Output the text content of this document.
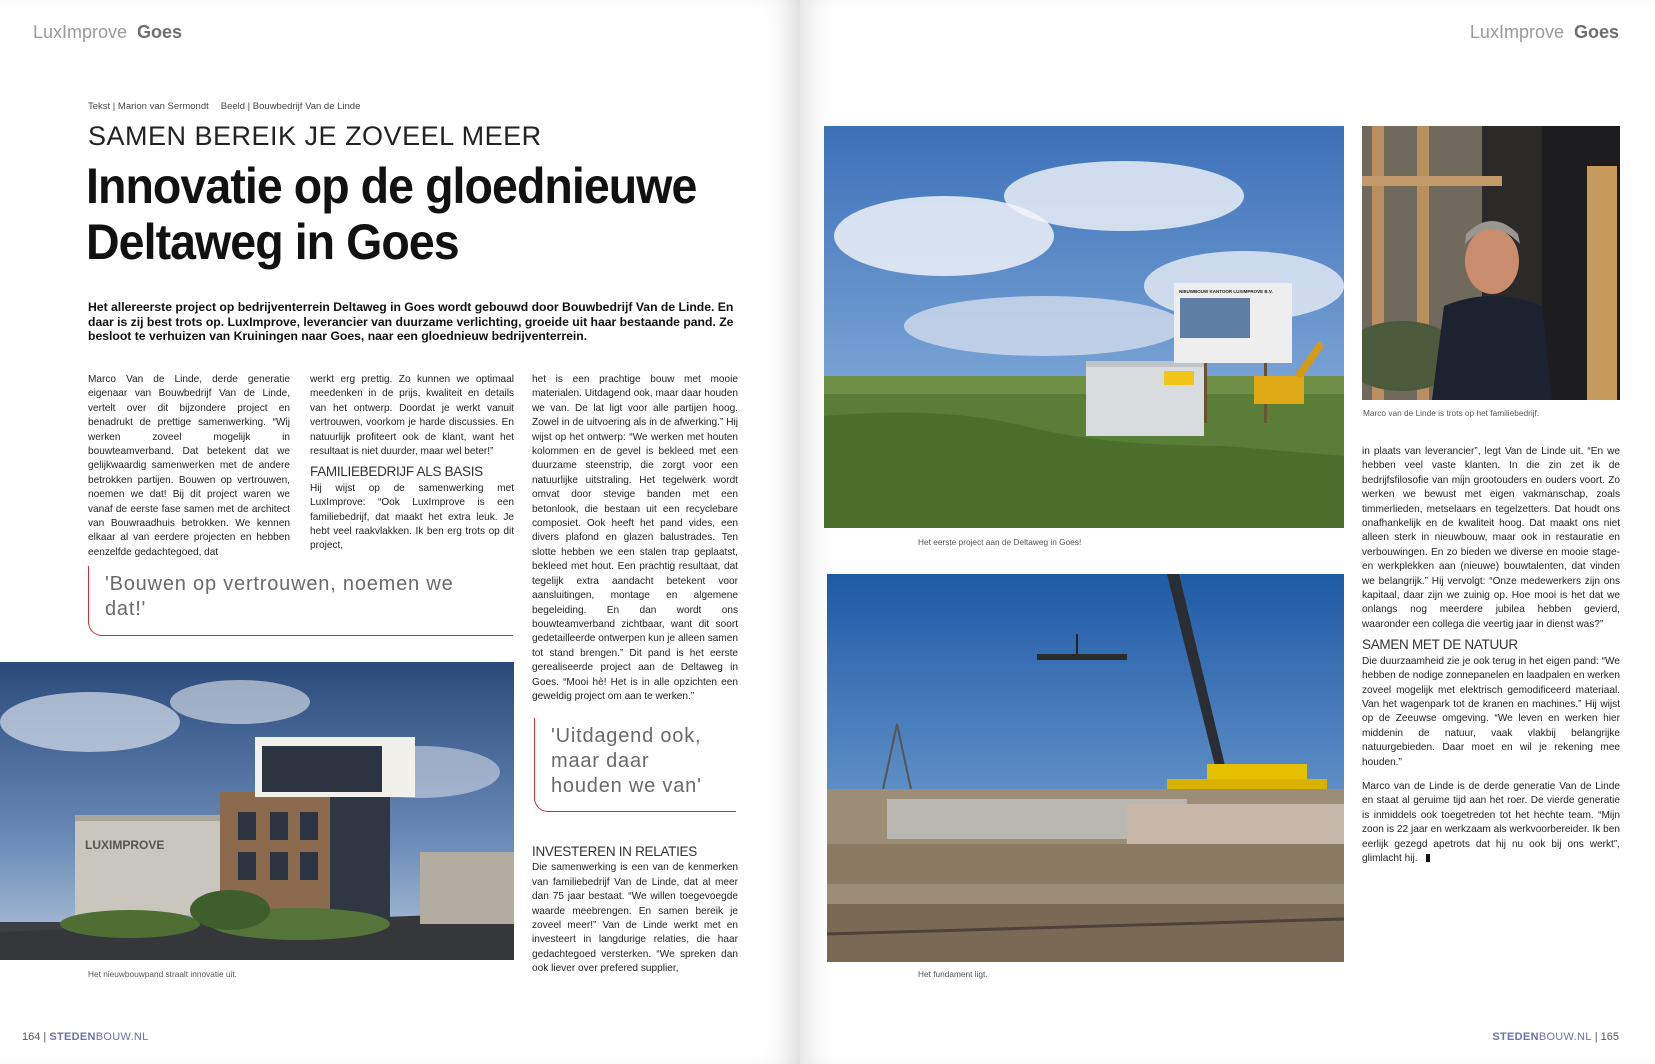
LuxImprove Goes
Tekst | Marion van Sermondt Beeld | Bouwbedrijf Van de Linde
SAMEN BEREIK JE ZOVEEL MEER
Innovatie op de gloednieuwe Deltaweg in Goes

Het allereerste project op bedrijventerrein Deltaweg in Goes wordt gebouwd door Bouwbedrijf Van de Linde. En daar is zij best trots op. LuxImprove, leverancier van duurzame verlichting, groeide uit haar bestaande pand. Ze besloot te verhuizen van Kruiningen naar Goes, naar een gloednieuw bedrijventerrein.

Marco Van de Linde, derde generatie eigenaar van Bouwbedrijf Van de Linde, vertelt over dit bijzondere project en benadrukt de prettige samenwerking. “Wij werken zoveel mogelijk in bouwteamverband. Dat betekent dat we gelijkwaardig samenwerken met de andere betrokken partijen. Bouwen op vertrouwen, noemen we dat! Bij dit project waren we vanaf de eerste fase samen met de architect van Bouwraadhuis betrokken. We kennen elkaar al van eerdere projecten en hebben eenzelfde gedachtegoed, dat

werkt erg prettig. Zo kunnen we optimaal meedenken in de prijs, kwaliteit en details van het ontwerp. Doordat je werkt vanuit vertrouwen, voorkom je harde discussies. En natuurlijk profiteert ook de klant, want het resultaat is niet duurder, maar wel beter!”

FAMILIEBEDRIJF ALS BASIS

Hij wijst op de samenwerking met LuxImprove: “Ook LuxImprove is een familiebedrijf, dat maakt het extra leuk. Je hebt veel raakvlakken. Ik ben erg trots op dit project,

het is een prachtige bouw met mooie materialen. Uitdagend ook, maar daar houden we van. De lat ligt voor alle partijen hoog. Zowel in de uitvoering als in de afwerking.” Hij wijst op het ontwerp: “We werken met houten kolommen en de gevel is bekleed met een duurzame steenstrip, die zorgt voor een natuurlijke uitstraling. Het tegelwerk wordt omvat door stevige banden met een betonlook, die bestaan uit een recyclebare composiet. Ook heeft het pand vides, een divers plafond en glazen balustrades. Ten slotte hebben we een stalen trap geplaatst, bekleed met hout. Een prachtig resultaat, dat tegelijk extra aandacht betekent voor aansluitingen, montage en algemene begeleiding. En dan wordt ons bouwteamverband zichtbaar, want dit soort gedetailleerde ontwerpen kun je alleen samen tot stand brengen.” Dit pand is het eerste gerealiseerde project aan de Deltaweg in Goes. “Mooi hè! Het is in alle opzichten een geweldig project om aan te werken.”

'Bouwen op vertrouwen, noemen we dat!'
'Uitdagend ook, maar daar houden we van'
INVESTEREN IN RELATIES

Die samenwerking is een van de kenmerken van familiebedrijf Van de Linde, dat al meer dan 75 jaar bestaat. “We willen toegevoegde waarde meebrengen. En samen bereik je zoveel meer!” Van de Linde werkt met en investeert in langdurige relaties, die haar gedachtegoed versterken. “We spreken dan ook liever over prefered supplier,

LUXIMPROVE
Het nieuwbouwpand straalt innovatie uit.
164 | STEDENBOUW.NL
LuxImprove Goes
NIEUWBOUW KANTOOR LUXIMPROVE B.V.
Het eerste project aan de Deltaweg in Goes!
Marco van de Linde is trots op het familiebedrijf.
Het fundament ligt.

in plaats van leverancier”, legt Van de Linde uit. “En we hebben veel vaste klanten. In die zin zet ik de bedrijfsfilosofie van mijn grootouders en ouders voort. Zo werken we bewust met eigen vakmanschap, zoals timmerlieden, metselaars en tegelzetters. Dat houdt ons onafhankelijk en de kwaliteit hoog. Dat maakt ons niet alleen sterk in nieuwbouw, maar ook in restauratie en verbouwingen. En zo bieden we diverse en mooie stage- en werkplekken aan (nieuwe) bouwtalenten, dat vinden we belangrijk.” Hij vervolgt: “Onze medewerkers zijn ons kapitaal, daar zijn we zuinig op. Hoe mooi is het dat we onlangs nog meerdere jubilea hebben gevierd, waaronder een collega die veertig jaar in dienst was?”

SAMEN MET DE NATUUR

Die duurzaamheid zie je ook terug in het eigen pand: “We hebben de nodige zonnepanelen en laadpalen en werken zoveel mogelijk met elektrisch gemodificeerd materiaal. Van het wagenpark tot de kranen en machines.” Hij wijst op de Zeeuwse omgeving. “We leven en werken hier middenin de natuur, vaak vlakbij belangrijke natuurgebieden. Daar moet en wil je rekening mee houden.”

Marco van de Linde is de derde generatie Van de Linde en staat al geruime tijd aan het roer. De vierde generatie is inmiddels ook toegetreden tot het hechte team. “Mijn zoon is 22 jaar en werkzaam als werkvoorbereider. Ik ben eerlijk gezegd apetrots dat hij nu ook bij ons werkt”, glimlacht hij.

STEDENBOUW.NL | 165
